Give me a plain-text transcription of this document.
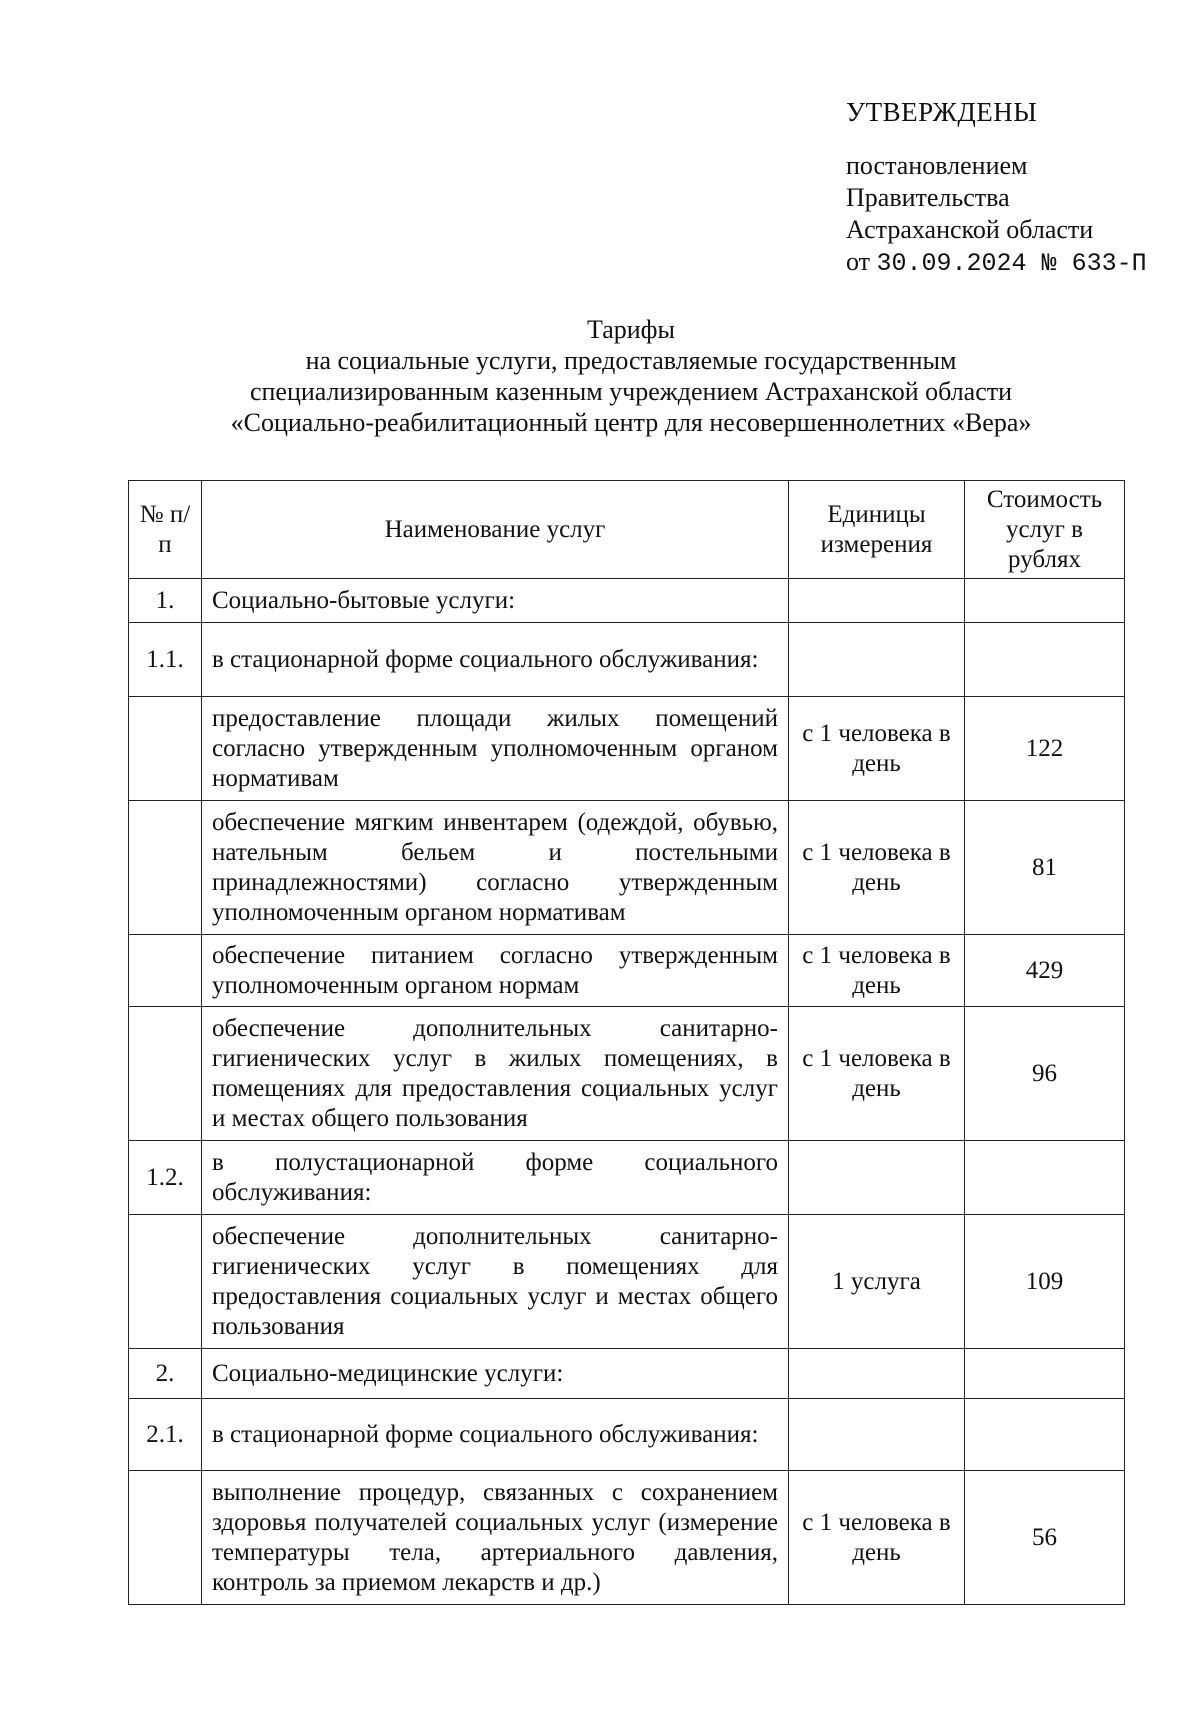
УТВЕРЖДЕНЫ
постановлением
Правительства
Астраханской области
от 30.09.2024 № 633-П
Тарифы
на социальные услуги, предоставляемые государственным
специализированным казенным учреждением Астраханской области
«Социально-реабилитационный центр для несовершеннолетних «Вера»
№ п/п	Наименование услуг	Единицы измерения	Стоимость услуг в рублях
1.	Социально-бытовые услуги:		
1.1.	в стационарной форме социального обслуживания:		
	предоставление площади жилых помещений согласно утвержденным уполномоченным органом нормативам	с 1 человека в день	122
	обеспечение мягким инвентарем (одеждой, обувью, нательным бельем и постельными принадлежностями) согласно утвержденным уполномоченным органом нормативам	с 1 человека в день	81
	обеспечение питанием согласно утвержденным уполномоченным органом нормам	с 1 человека в день	429
	обеспечение дополнительных санитарно-гигиенических услуг в жилых помещениях, в помещениях для предоставления социальных услуг и местах общего пользования	с 1 человека в день	96
1.2.	в полустационарной форме социального обслуживания:		
	обеспечение дополнительных санитарно-гигиенических услуг в помещениях для предоставления социальных услуг и местах общего пользования	1 услуга	109
2.	Социально-медицинские услуги:		
2.1.	в стационарной форме социального обслуживания:		
	выполнение процедур, связанных с сохранением здоровья получателей социальных услуг (измерение температуры тела, артериального давления, контроль за приемом лекарств и др.)	с 1 человека в день	56
